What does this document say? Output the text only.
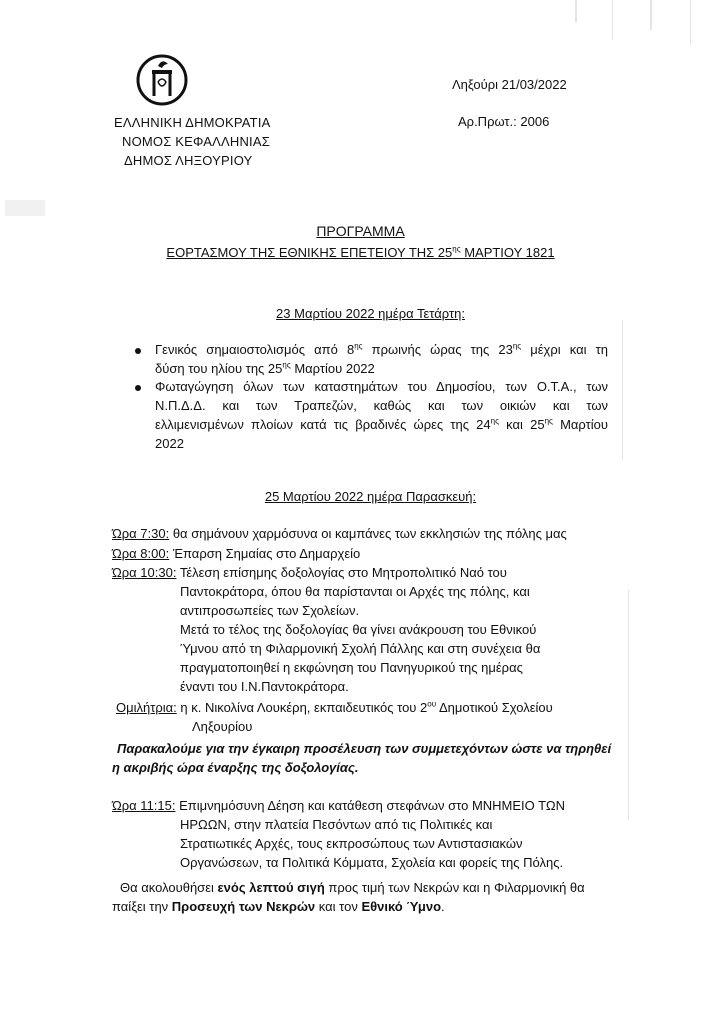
ΕΛΛΗΝΙΚΗ ΔΗΜΟΚΡΑΤΙΑ
ΝΟΜΟΣ ΚΕΦΑΛΛΗΝΙΑΣ
ΔΗΜΟΣ ΛΗΞΟΥΡΙΟΥ
Ληξούρι 21/03/2022
Αρ.Πρωτ.: 2006
ΠΡΟΓΡΑΜΜΑ
ΕΟΡΤΑΣΜΟΥ ΤΗΣ ΕΘΝΙΚΗΣ ΕΠΕΤΕΙΟΥ ΤΗΣ $25^{\eta\varsigma}$ ΜΑΡΤΙΟΥ 1821
23 Μαρτίου 2022 ημέρα Τετάρτη:
Γενικός σημαιοστολισμός από $8^{\eta\varsigma}$ πρωινής ώρας της $23^{\eta\varsigma}$ μέχρι και τη
δύση του ηλίου της $25^{\eta\varsigma}$ Μαρτίου 2022
Φωταγώγηση όλων των καταστημάτων του Δημοσίου, των Ο.Τ.Α., των
Ν.Π.Δ.Δ. και των Τραπεζών, καθώς και των οικιών και των
ελλιμενισμένων πλοίων κατά τις βραδινές ώρες της $24^{\eta\varsigma}$ και $25^{\eta\varsigma}$ Μαρτίου
2022
25 Μαρτίου 2022 ημέρα Παρασκευή:
Ώρα 7:30: θα σημάνουν χαρμόσυνα οι καμπάνες των εκκλησιών της πόλης μας
Ώρα 8:00: Έπαρση Σημαίας στο Δημαρχείο
Ώρα 10:30: Τέλεση επίσημης δοξολογίας στο Μητροπολιτικό Ναό του
Παντοκράτορα, όπου θα παρίστανται οι Αρχές της πόλης, και
αντιπροσωπείες των Σχολείων.
Μετά το τέλος της δοξολογίας θα γίνει ανάκρουση του Εθνικού
Ύμνου από τη Φιλαρμονική Σχολή Πάλλης και στη συνέχεια θα
πραγματοποιηθεί η εκφώνηση του Πανηγυρικού της ημέρας
έναντι του Ι.Ν.Παντοκράτορα.
Ομιλήτρια: η κ. Νικολίνα Λουκέρη, εκπαιδευτικός του $2^{o\upsilon}$ Δημοτικού Σχολείου
Ληξουρίου
Παρακαλούμε για την έγκαιρη προσέλευση των συμμετεχόντων ώστε να τηρηθεί
η ακριβής ώρα έναρξης της δοξολογίας.
Ώρα 11:15: Επιμνημόσυνη Δέηση και κατάθεση στεφάνων στο ΜΝΗΜΕΙΟ ΤΩΝ
ΗΡΩΩΝ, στην πλατεία Πεσόντων από τις Πολιτικές και
Στρατιωτικές Αρχές, τους εκπροσώπους των Αντιστασιακών
Οργανώσεων, τα Πολιτικά Κόμματα, Σχολεία και φορείς της Πόλης.
Θα ακολουθήσει ενός λεπτού σιγή προς τιμή των Νεκρών και η Φιλαρμονική θα
παίξει την Προσευχή των Νεκρών και τον Εθνικό Ύμνο.
